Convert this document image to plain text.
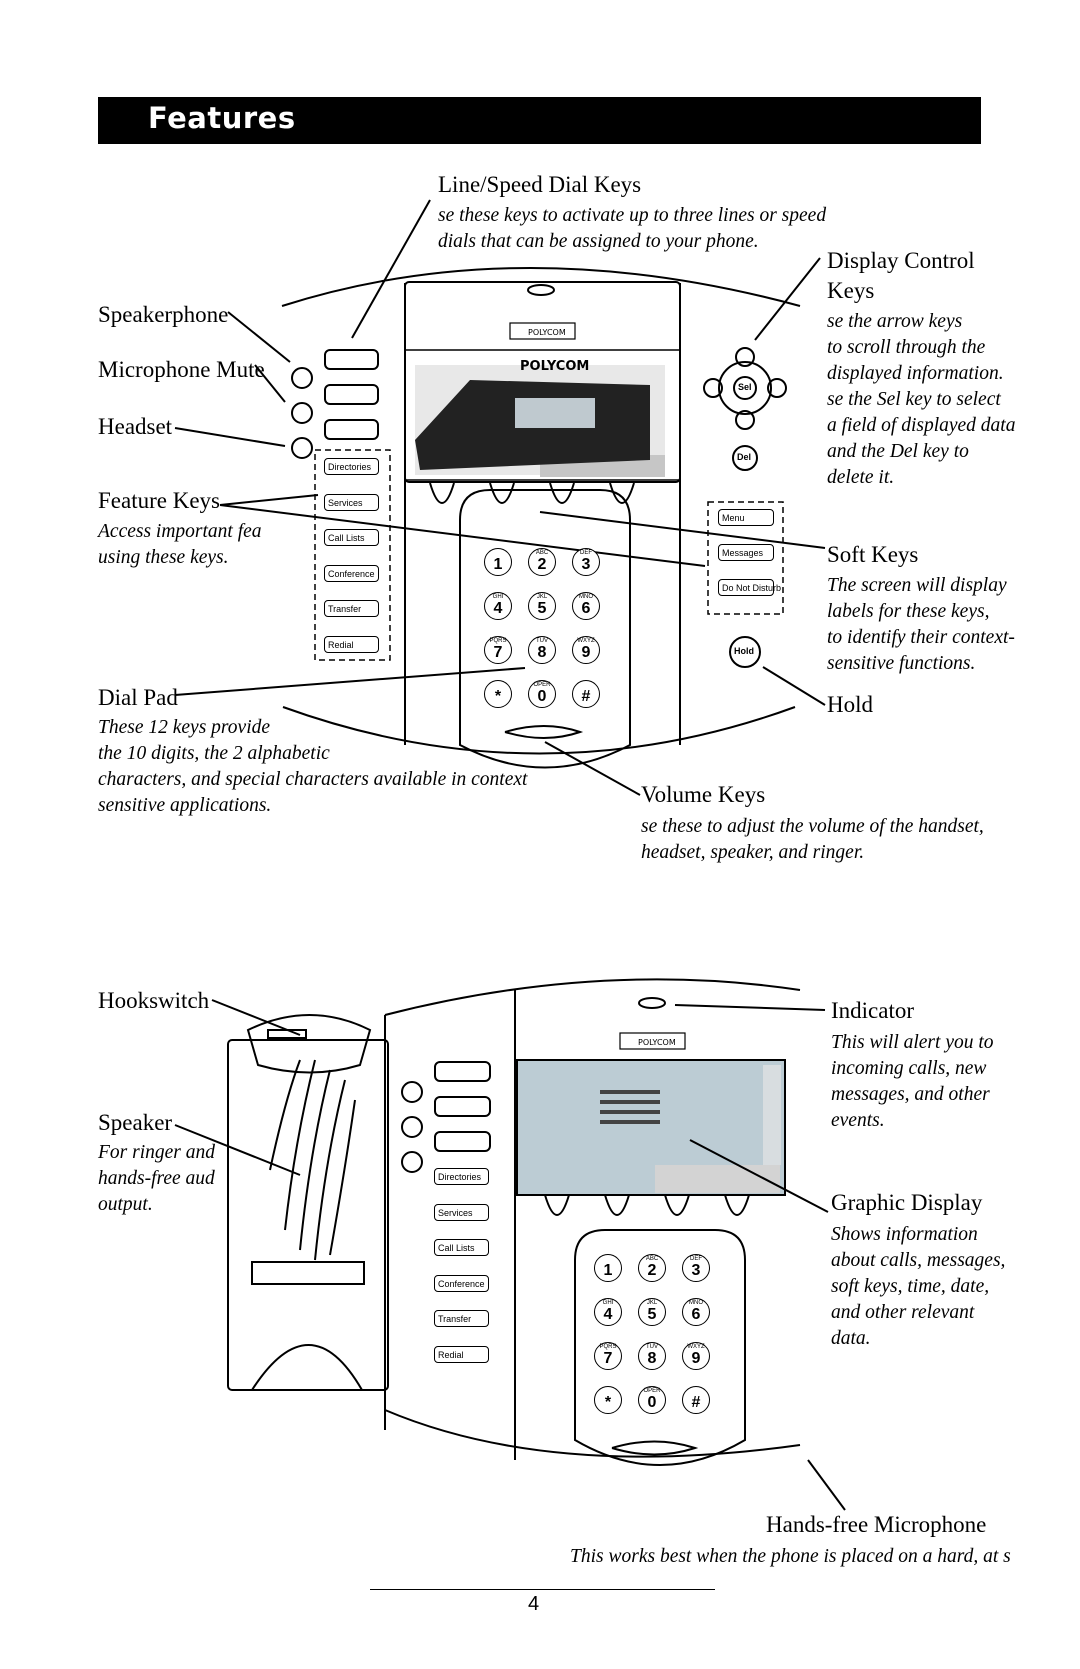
Features
POLYCOM
POLYCOM
POLYCOM
Directories
Services
Call Lists
Conference
Transfer
Redial
Menu
Messages
Do Not Disturb
1
ABC
2
DEF
3
GHI
4
JKL
5
MNO
6
PQRS
7
TUV
8
WXYZ
9
*
OPER
0	#
Directories
Services
Call Lists
Conference
Transfer
Redial
1
ABC
2
DEF
3
GHI
4
JKL
5
MNO
6
PQRS
7
TUV
8
WXYZ
9
*
OPER
0	#
Line/Speed Dial Keys
se these keys to activate up to three lines or speed
dials that can be assigned to your phone.
Display Control
Keys
se the arrow keys
to scroll through the
displayed information.
se the Sel key to select
a field of displayed data
and the Del key to
delete it.
Speakerphone
Microphone Mute
Headset
Feature Keys
Access important fea
using these keys.	Soft Keys
The screen will display
labels for these keys,
to identify their context-
sensitive functions.
Dial Pad
These 12 keys provide
the 10 digits, the 2 alphabetic
characters, and special characters available in context
sensitive applications.
Hold
Volume Keys
se these to adjust the volume of the handset,
headset, speaker, and ringer.
Hookswitch
Speaker
For ringer and
hands-free aud
output.
Indicator
This will alert you to
incoming calls, new
messages, and other
events.
Graphic Display
Shows information
about calls, messages,
soft keys, time, date,
and other relevant
data.
Hands-free Microphone
This works best when the phone is placed on a hard, at s
4
Sel
Del
Hold
